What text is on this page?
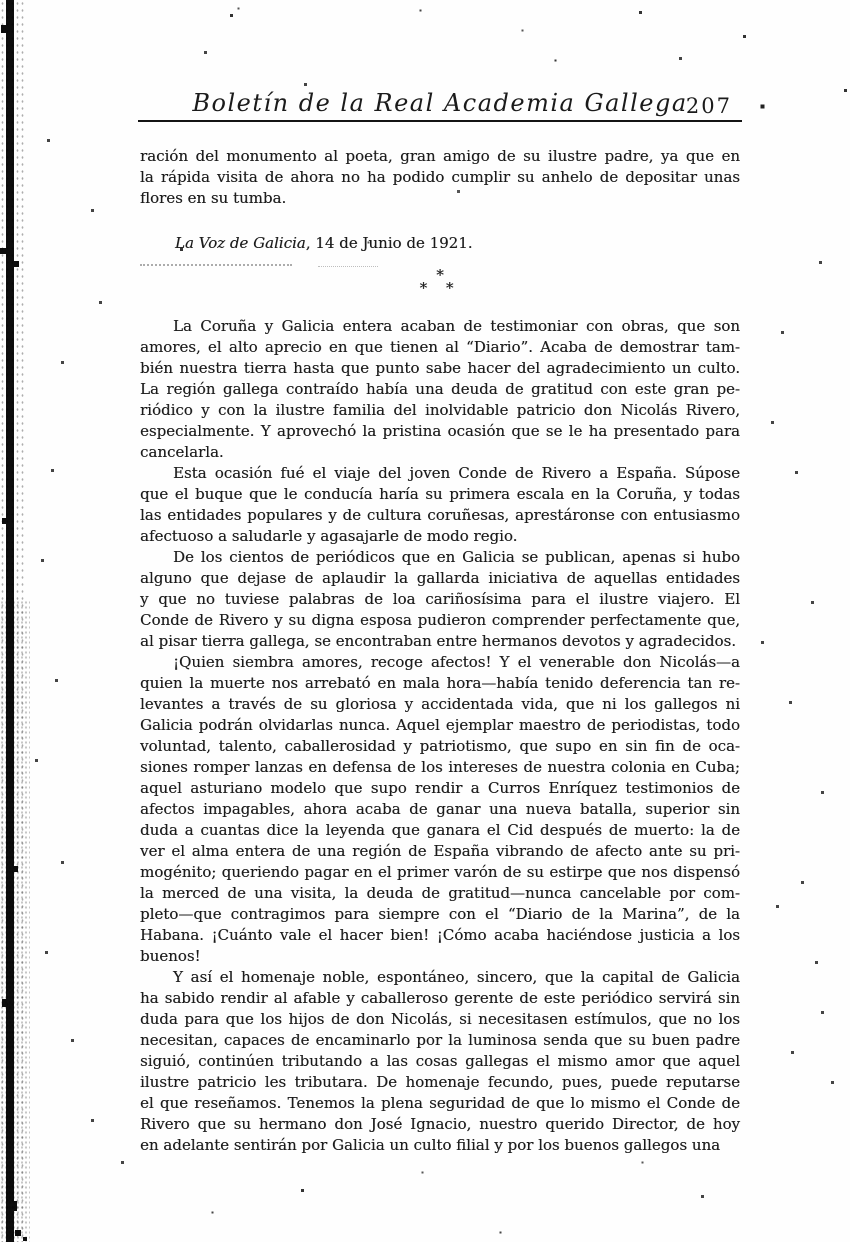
Boletín de la Real Academia Gallega
207
ración del monumento al poeta, gran amigo de su ilustre padre, ya que en
la rápida visita de ahora no ha podido cumplir su anhelo de depositar unas
flores en su tumba.
La Voz de Galicia, 14 de Junio de 1921.
*
* *
La Coruña y Galicia entera acaban de testimoniar con obras, que son
amores, el alto aprecio en que tienen al “Diario”. Acaba de demostrar tam-
bién nuestra tierra hasta que punto sabe hacer del agradecimiento un culto.
La región gallega contraído había una deuda de gratitud con este gran pe-
riódico y con la ilustre familia del inolvidable patricio don Nicolás Rivero,
especialmente. Y aprovechó la pristina ocasión que se le ha presentado para
cancelarla.
Esta ocasión fué el viaje del joven Conde de Rivero a España. Súpose
que el buque que le conducía haría su primera escala en la Coruña, y todas
las entidades populares y de cultura coruñesas, aprestáronse con entusiasmo
afectuoso a saludarle y agasajarle de modo regio.
De los cientos de periódicos que en Galicia se publican, apenas si hubo
alguno que dejase de aplaudir la gallarda iniciativa de aquellas entidades
y que no tuviese palabras de loa cariñosísima para el ilustre viajero. El
Conde de Rivero y su digna esposa pudieron comprender perfectamente que,
al pisar tierra gallega, se encontraban entre hermanos devotos y agradecidos.
¡Quien siembra amores, recoge afectos! Y el venerable don Nicolás—a
quien la muerte nos arrebató en mala hora—había tenido deferencia tan re-
levantes a través de su gloriosa y accidentada vida, que ni los gallegos ni
Galicia podrán olvidarlas nunca. Aquel ejemplar maestro de periodistas, todo
voluntad, talento, caballerosidad y patriotismo, que supo en sin fin de oca-
siones romper lanzas en defensa de los intereses de nuestra colonia en Cuba;
aquel asturiano modelo que supo rendir a Curros Enríquez testimonios de
afectos impagables, ahora acaba de ganar una nueva batalla, superior sin
duda a cuantas dice la leyenda que ganara el Cid después de muerto: la de
ver el alma entera de una región de España vibrando de afecto ante su pri-
mogénito; queriendo pagar en el primer varón de su estirpe que nos dispensó
la merced de una visita, la deuda de gratitud—nunca cancelable por com-
pleto—que contragimos para siempre con el “Diario de la Marina”, de la
Habana. ¡Cuánto vale el hacer bien! ¡Cómo acaba haciéndose justicia a los
buenos!
Y así el homenaje noble, espontáneo, sincero, que la capital de Galicia
ha sabido rendir al afable y caballeroso gerente de este periódico servirá sin
duda para que los hijos de don Nicolás, si necesitasen estímulos, que no los
necesitan, capaces de encaminarlo por la luminosa senda que su buen padre
siguió, continúen tributando a las cosas gallegas el mismo amor que aquel
ilustre patricio les tributara. De homenaje fecundo, pues, puede reputarse
el que reseñamos. Tenemos la plena seguridad de que lo mismo el Conde de
Rivero que su hermano don José Ignacio, nuestro querido Director, de hoy
en adelante sentirán por Galicia un culto filial y por los buenos gallegos una
